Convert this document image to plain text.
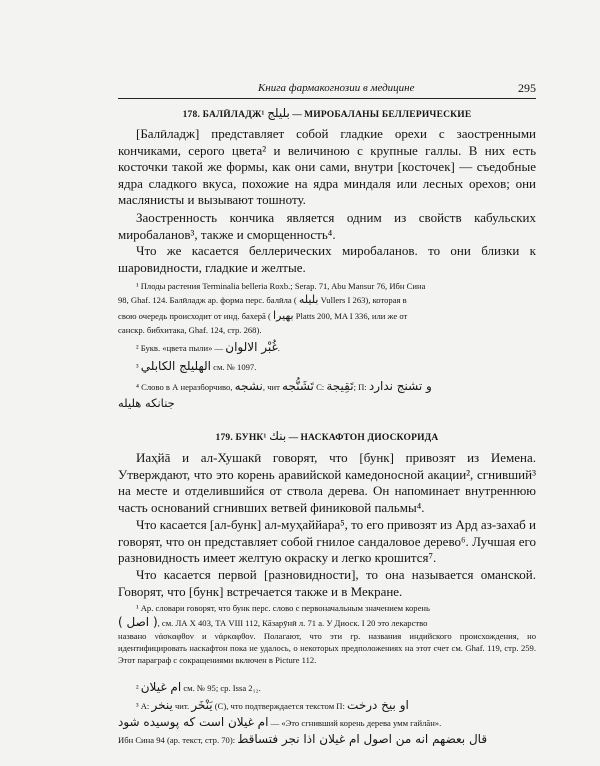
Книга фармакогнозии в медицине	295
178. БАЛӢЛАДЖ¹ بليلج — МИРОБАЛАНЫ БЕЛЛЕРИЧЕСКИЕ
[Балӣладж] представляет собой гладкие орехи с заостренными кончиками, серого цвета² и величиною с крупные галлы. В них есть косточки такой же формы, как они сами, внутри [косточек] — съедобные ядра сладкого вкуса, похожие на ядра миндаля или лесных орехов; они маслянисты и вызывают тошноту.
Заостренность кончика является одним из свойств кабульских миробаланов³, также и сморщенность⁴.
Что же касается беллерических миробаланов. то они близки к шаровидности, гладкие и желтые.
¹ Плоды растения Terminalia belleria Roxb.; Serap. 71, Abu Mansur 76, Ибн Сина
98, Ghaf. 124. Балӣладж ар. форма перс. балӣла ( بلیله Vullers I 263), которая в
свою очередь происходит от инд. бахерā ( بهیرا Platts 200, MA I 336, или же от
санскр. бибхитака, Ghaf. 124, стр. 268).
² Букв. «цвета пыли» — غُبْر الالوان.
³ الهليلج الكابلي см. № 1097.
⁴ Слово в А неразборчиво, نشجه, чит تَشَنُّجه C: تَقِيجة; П: و تشنج ندارد
جنانكه هليله
179. БУНК¹ بنك — НАСКАФТОН ДИОСКОРИДА
Иаҳйā и ал-Хушакӣ говорят, что [бунк] привозят из Иемена. Утверждают, что это корень аравийской камедоносной акации², сгнивший³ на месте и отделившийся от ствола дерева. Он напоминает внутреннюю часть оснований сгнивших ветвей финиковой пальмы⁴.
Что касается [ал-бунк] ал-муҳаййара⁵, то его привозят из Ард аз-захаб и говорят, что он представляет собой гнилое сандаловое дерево⁶. Лучшая его разновидность имеет желтую окраску и легко крошится⁷.
Что касается первой [разновидности], то она называется оманской. Говорят, что [бунк] встречается также и в Мекране.
¹ Ар. словари говорят, что бунк перс. слово с первоначальным значением корень
( اصل ), см. ЛА X 403, ТА VIII 112, Кāзарӯнӣ л. 71 а. У Диоск. I 20 это лекарство
названо νάσκαφθον и νάρκαφθον. Полагают, что эти гр. названия индийского происхождения, но идентифицировать наскафтон пока не удалось, о некоторых предположениях на этот счет см. Ghaf. 119, стр. 259. Этот параграф с сокращениями включен в Picture 112.
² ام غيلان см. № 95; ср. Issa 2₁₂.
³ А: ينخر чит. يَنْخَر (С), что подтверждается текстом П: او بيخ درخت
ام غيلان است كه پوسيده شود — «Это сгнивший корень дерева умм гайлāн».
Ибн Сина 94 (ар. текст, стр. 70): قال بعضهم انه من اصول ام غيلان اذا نجر فتساقط
